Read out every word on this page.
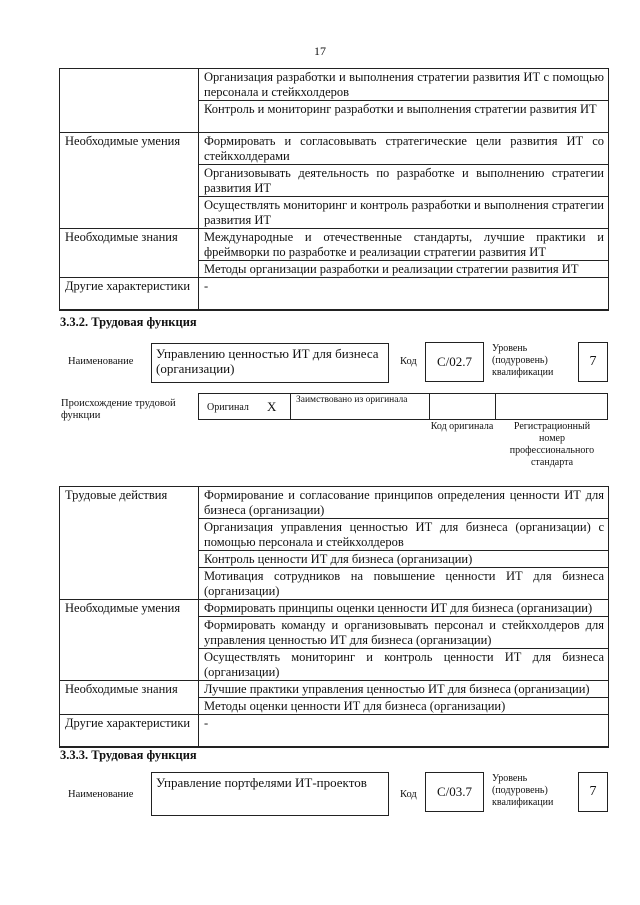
17
	Организация разработки и выполнения стратегии развития ИТ с помощью персонала и стейкхолдеров
	Контроль и мониторинг разработки и выполнения стратегии развития ИТ
Необходимые умения	Формировать и согласовывать стратегические цели развития ИТ со стейкхолдерами
	Организовывать деятельность по разработке и выполнению стратегии развития ИТ
	Осуществлять мониторинг и контроль разработки и выполнения стратегии развития ИТ
Необходимые знания	Международные и отечественные стандарты, лучшие практики и фреймворки по разработке и реализации стратегии развития ИТ
	Методы организации разработки и реализации стратегии развития ИТ
Другие характеристики	-
3.3.2. Трудовая функция
Наименование
Управлению ценностью ИТ для бизнеса (организации)	Код	C/02.7
Уровень (подуровень) квалификации
7
Происхождение трудовой функции
Оригинал X Заимствовано из оригинала
Код оригинала	Регистрационный номер профессионального стандарта
Трудовые действия	Формирование и согласование принципов определения ценности ИТ для бизнеса (организации)
	Организация управления ценностью ИТ для бизнеса (организации) с помощью персонала и стейкхолдеров
	Контроль ценности ИТ для бизнеса (организации)
	Мотивация сотрудников на повышение ценности ИТ для бизнеса (организации)
Необходимые умения	Формировать принципы оценки ценности ИТ для бизнеса (организации)
	Формировать команду и организовывать персонал и стейкхолдеров для управления ценностью ИТ для бизнеса (организации)
	Осуществлять мониторинг и контроль ценности ИТ для бизнеса (организации)
Необходимые знания	Лучшие практики управления ценностью ИТ для бизнеса (организации)
	Методы оценки ценности ИТ для бизнеса (организации)
Другие характеристики	-
3.3.3. Трудовая функция
Наименование
Управление портфелями ИТ-проектов
Код	C/03.7
Уровень (подуровень) квалификации
7
